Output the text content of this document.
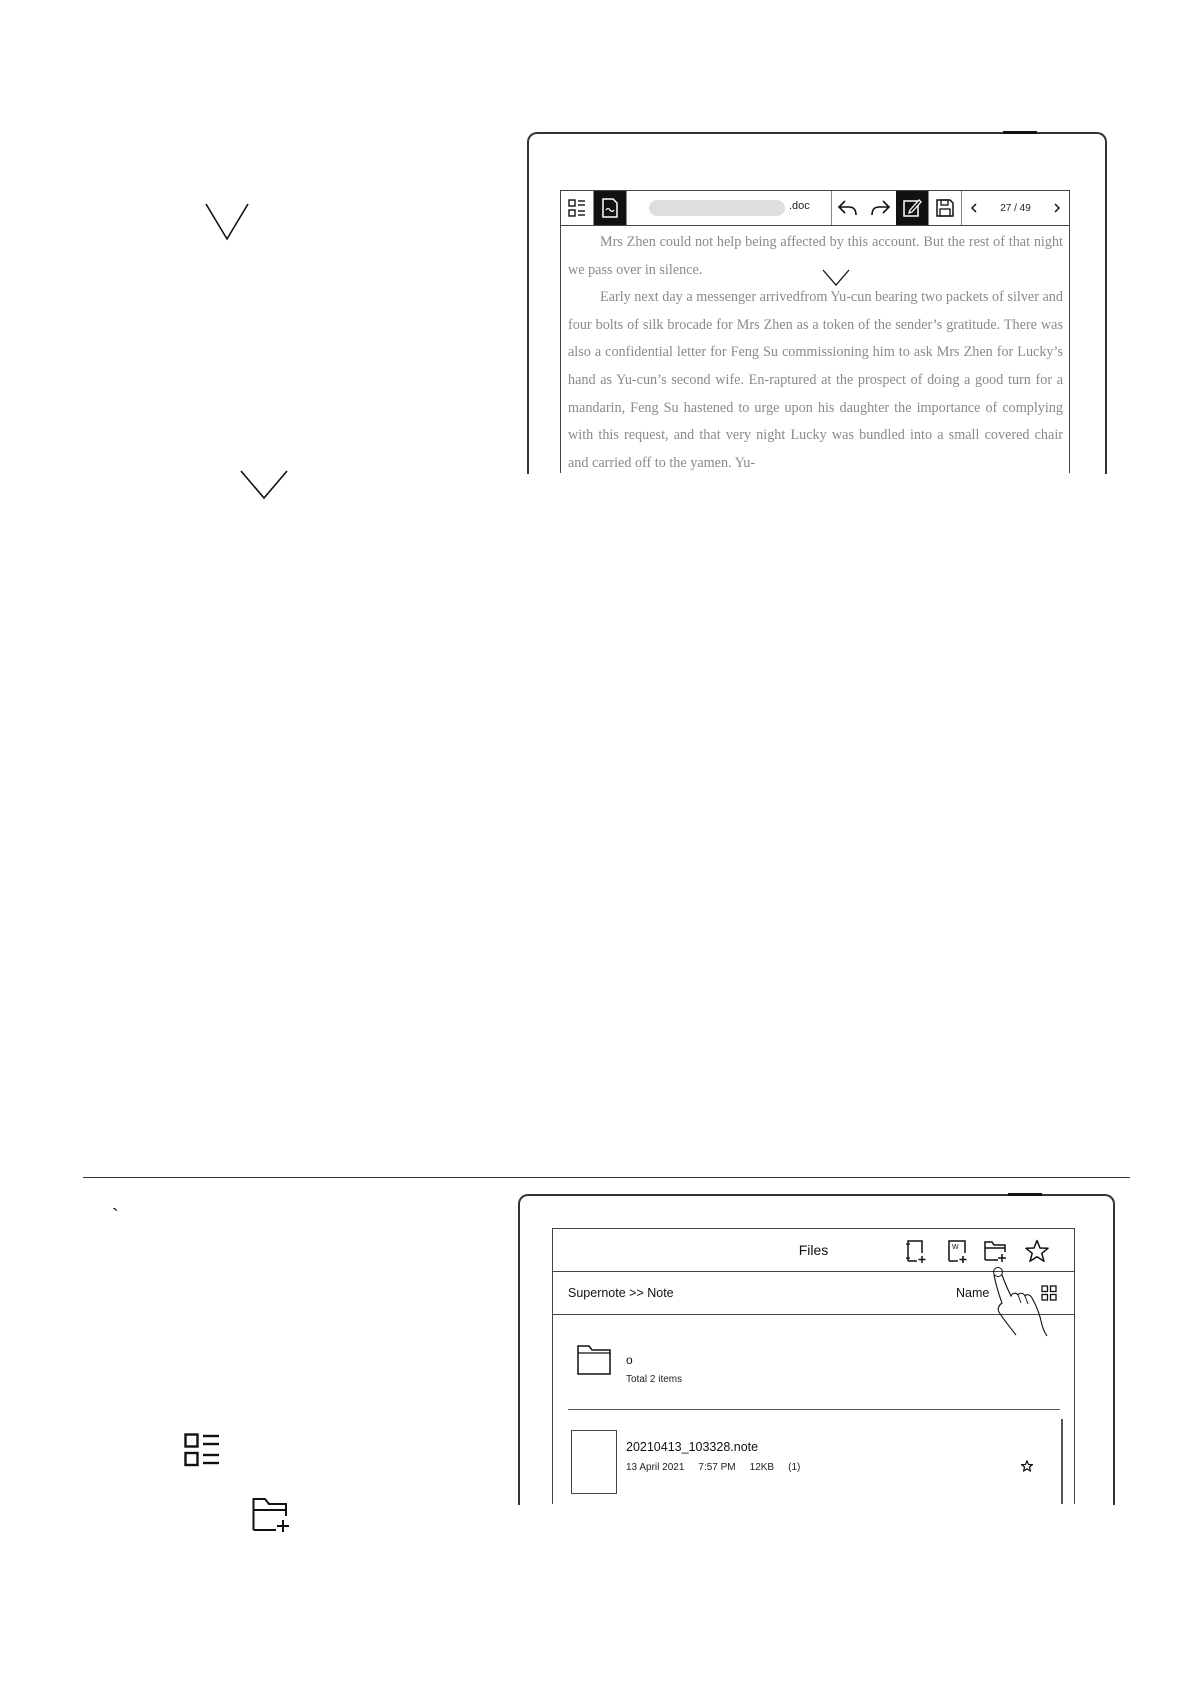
.doc	27 / 49

Mrs Zhen could not help being affected by this account. But the rest of that night we pass over in silence.

Early next day a messenger arrivedfrom Yu-cun bearing two packets of silver and four bolts of silk brocade for Mrs Zhen as a token of the sender’s gratitude. There was also a confidential letter for Feng Su commissioning him to ask Mrs Zhen for Lucky’s hand as Yu-cun’s second wife. En-raptured at the prospect of doing a good turn for a mandarin, Feng Su hastened to urge upon his daughter the importance of complying with this request, and that very night Lucky was bundled into a small covered chair and carried off to the yamen. Yu-

`
Files	W
Supernote >> Note	Name
o
Total 2 items
20210413_103328.note
13 April 2021 7:57 PM 12KB (1)
